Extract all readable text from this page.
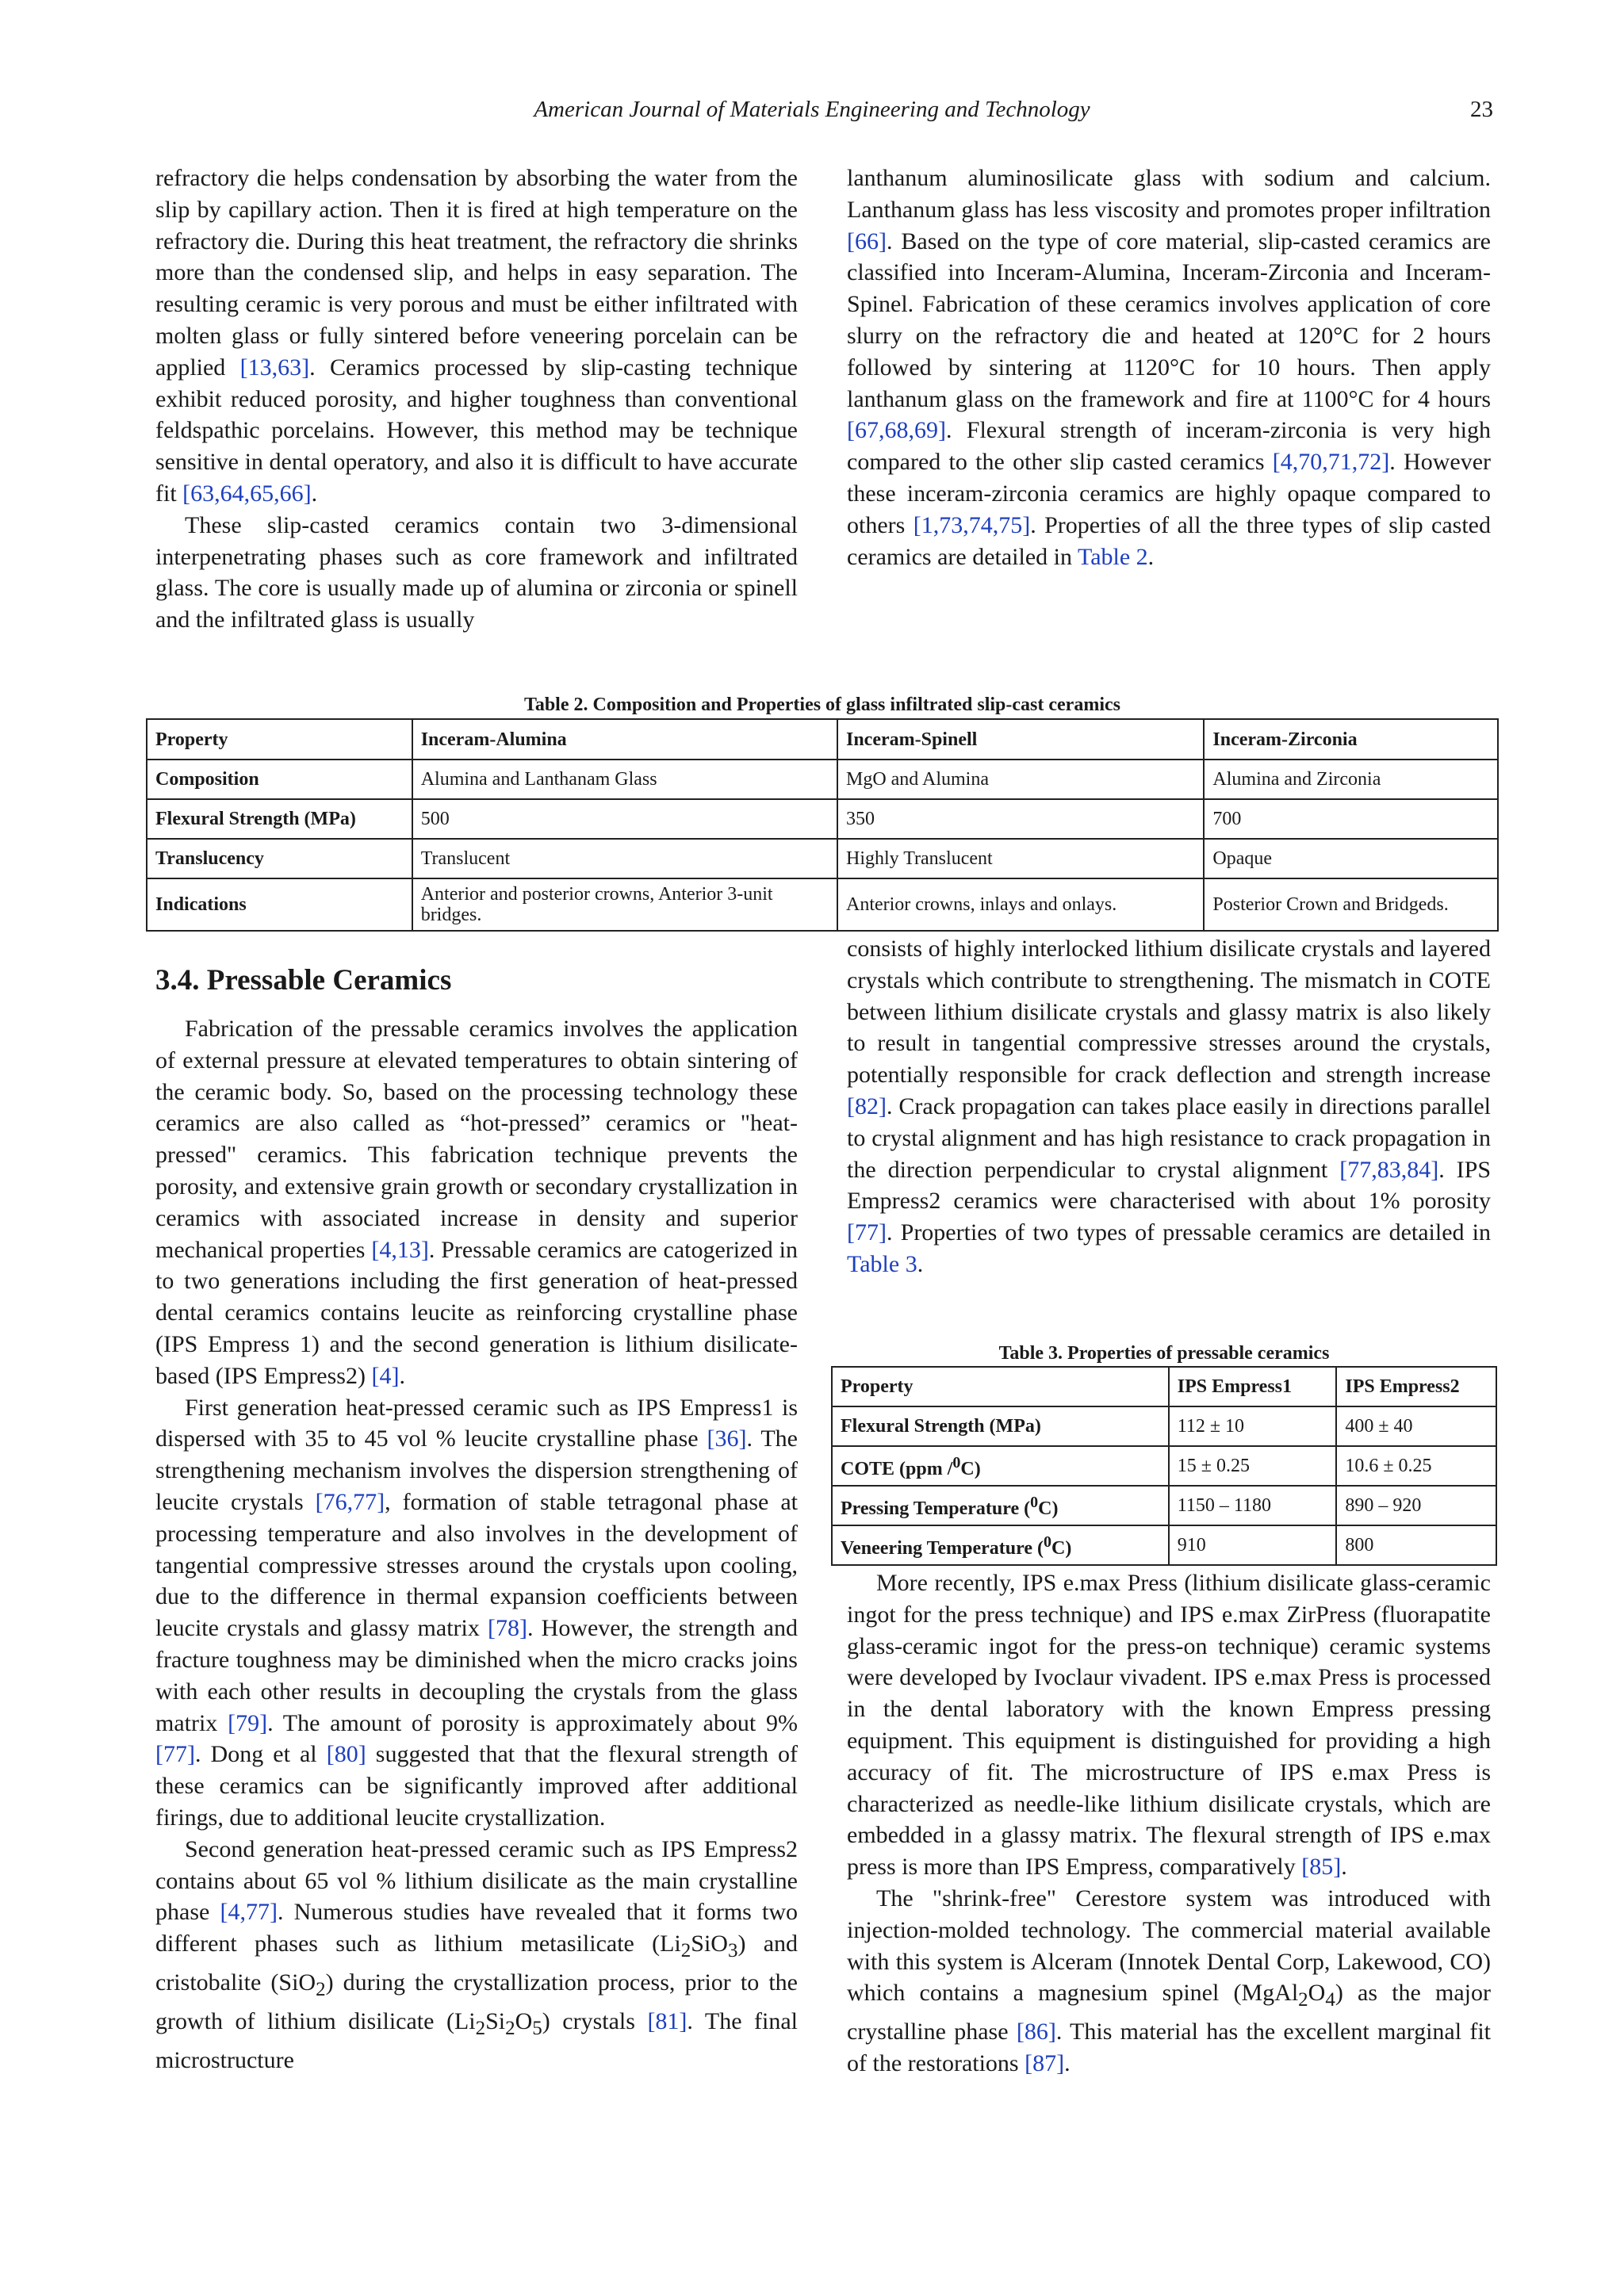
American Journal of Materials Engineering and Technology	23

refractory die helps condensation by absorbing the water from the slip by capillary action. Then it is fired at high temperature on the refractory die. During this heat treatment, the refractory die shrinks more than the condensed slip, and helps in easy separation. The resulting ceramic is very porous and must be either infiltrated with molten glass or fully sintered before veneering porcelain can be applied [13,63]. Ceramics processed by slip-casting technique exhibit reduced porosity, and higher toughness than conventional feldspathic porcelains. However, this method may be technique sensitive in dental operatory, and also it is difficult to have accurate fit [63,64,65,66].

These slip-casted ceramics contain two 3-dimensional interpenetrating phases such as core framework and infiltrated glass. The core is usually made up of alumina or zirconia or spinell and the infiltrated glass is usually

lanthanum aluminosilicate glass with sodium and calcium. Lanthanum glass has less viscosity and promotes proper infiltration [66]. Based on the type of core material, slip-casted ceramics are classified into Inceram-Alumina, Inceram-Zirconia and Inceram-Spinel. Fabrication of these ceramics involves application of core slurry on the refractory die and heated at 120°C for 2 hours followed by sintering at 1120°C for 10 hours. Then apply lanthanum glass on the framework and fire at 1100°C for 4 hours [67,68,69]. Flexural strength of inceram-zirconia is very high compared to the other slip casted ceramics [4,70,71,72]. However these inceram-zirconia ceramics are highly opaque compared to others [1,73,74,75]. Properties of all the three types of slip casted ceramics are detailed in Table 2.

Table 2. Composition and Properties of glass infiltrated slip-cast ceramics
Property	Inceram-Alumina	Inceram-Spinell	Inceram-Zirconia
Composition	Alumina and Lanthanam Glass	MgO and Alumina	Alumina and Zirconia
Flexural Strength (MPa)	500	350	700
Translucency	Translucent	Highly Translucent	Opaque
Indications	Anterior and posterior crowns, Anterior 3-unit bridges.	Anterior crowns, inlays and onlays.	Posterior Crown and Bridgeds.
3.4. Pressable Ceramics

Fabrication of the pressable ceramics involves the application of external pressure at elevated temperatures to obtain sintering of the ceramic body. So, based on the processing technology these ceramics are also called as “hot-pressed” ceramics or "heat-pressed" ceramics. This fabrication technique prevents the porosity, and extensive grain growth or secondary crystallization in ceramics with associated increase in density and superior mechanical properties [4,13]. Pressable ceramics are catogerized in to two generations including the first generation of heat-pressed dental ceramics contains leucite as reinforcing crystalline phase (IPS Empress 1) and the second generation is lithium disilicate-based (IPS Empress2) [4].

First generation heat-pressed ceramic such as IPS Empress1 is dispersed with 35 to 45 vol % leucite crystalline phase [36]. The strengthening mechanism involves the dispersion strengthening of leucite crystals [76,77], formation of stable tetragonal phase at processing temperature and also involves in the development of tangential compressive stresses around the crystals upon cooling, due to the difference in thermal expansion coefficients between leucite crystals and glassy matrix [78]. However, the strength and fracture toughness may be diminished when the micro cracks joins with each other results in decoupling the crystals from the glass matrix [79]. The amount of porosity is approximately about 9% [77]. Dong et al [80] suggested that that the flexural strength of these ceramics can be significantly improved after additional firings, due to additional leucite crystallization.

Second generation heat-pressed ceramic such as IPS Empress2 contains about 65 vol % lithium disilicate as the main crystalline phase [4,77]. Numerous studies have revealed that it forms two different phases such as lithium metasilicate $(Li_2SiO_3)$ and cristobalite (SiO$_2$) during the crystallization process, prior to the growth of lithium disilicate $(Li_2Si_2O_5)$ crystals [81]. The final microstructure

consists of highly interlocked lithium disilicate crystals and layered crystals which contribute to strengthening. The mismatch in COTE between lithium disilicate crystals and glassy matrix is also likely to result in tangential compressive stresses around the crystals, potentially responsible for crack deflection and strength increase [82]. Crack propagation can takes place easily in directions parallel to crystal alignment and has high resistance to crack propagation in the direction perpendicular to crystal alignment [77,83,84]. IPS Empress2 ceramics were characterised with about 1% porosity [77]. Properties of two types of pressable ceramics are detailed in Table 3.

Table 3. Properties of pressable ceramics
Property	IPS Empress1	IPS Empress2
Flexural Strength (MPa)	112 ± 10	400 ± 40
COTE (ppm /$^0$C)	15 ± 0.25	10.6 ± 0.25
Pressing Temperature ($^0$C)	1150 – 1180	890 – 920
Veneering Temperature ($^0$C)	910	800

More recently, IPS e.max Press (lithium disilicate glass-ceramic ingot for the press technique) and IPS e.max ZirPress (fluorapatite glass-ceramic ingot for the press-on technique) ceramic systems were developed by Ivoclaur vivadent. IPS e.max Press is processed in the dental laboratory with the known Empress pressing equipment. This equipment is distinguished for providing a high accuracy of fit. The microstructure of IPS e.max Press is characterized as needle-like lithium disilicate crystals, which are embedded in a glassy matrix. The flexural strength of IPS e.max press is more than IPS Empress, comparatively [85].

The "shrink-free" Cerestore system was introduced with injection-molded technology. The commercial material available with this system is Alceram (Innotek Dental Corp, Lakewood, CO) which contains a magnesium spinel $(MgAl_2O_4)$ as the major crystalline phase [86]. This material has the excellent marginal fit of the restorations [87].
